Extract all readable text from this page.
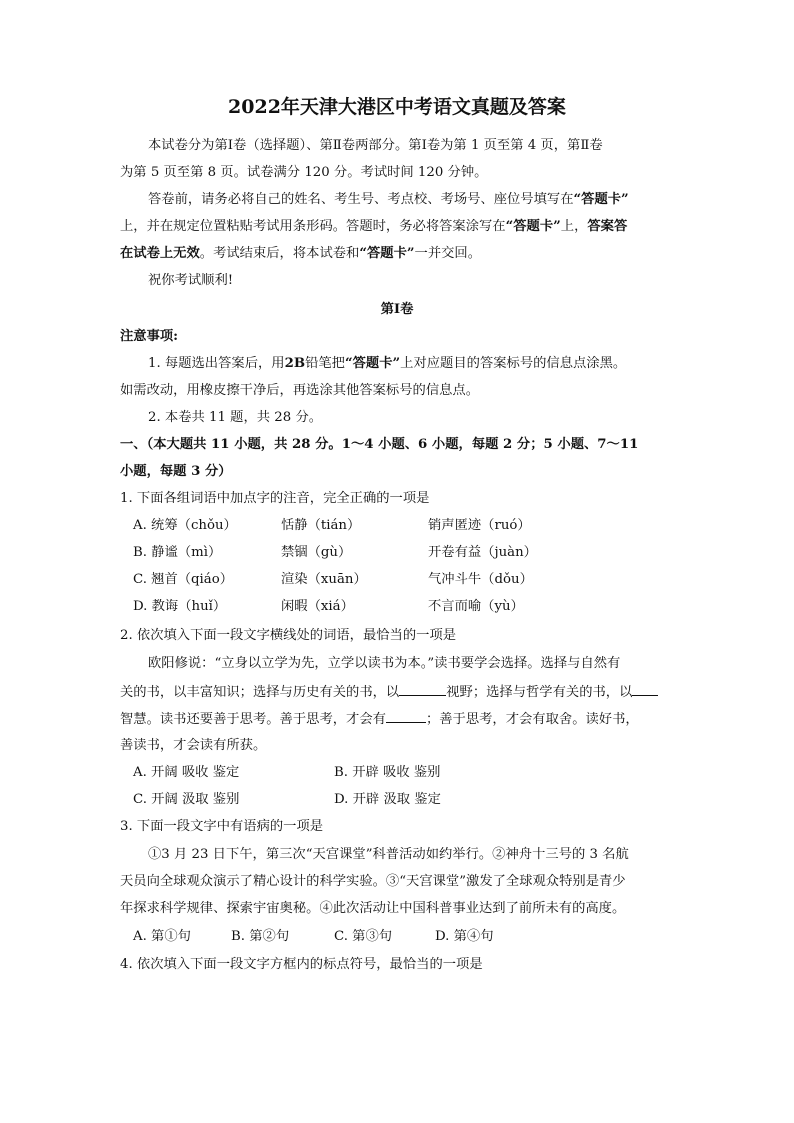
2022年天津大港区中考语文真题及答案
本试卷分为第Ⅰ卷（选择题）、第Ⅱ卷两部分。第Ⅰ卷为第 1 页至第 4 页，第Ⅱ卷
为第 5 页至第 8 页。试卷满分 120 分。考试时间 120 分钟。
答卷前，请务必将自己的姓名、考生号、考点校、考场号、座位号填写在“答题卡”
上，并在规定位置粘贴考试用条形码。答题时，务必将答案涂写在“答题卡”上，答案答
在试卷上无效。考试结束后，将本试卷和“答题卡”一并交回。
祝你考试顺利!
第Ⅰ卷
注意事项:
1. 每题选出答案后，用2B铅笔把“答题卡”上对应题目的答案标号的信息点涂黑。
如需改动，用橡皮擦干净后，再选涂其他答案标号的信息点。
2. 本卷共 11 题，共 28 分。
一、（本大题共 11 小题，共 28 分。1～4 小题、6 小题，每题 2 分；5 小题、7～11
小题，每题 3 分）
1. 下面各组词语中加点字的注音，完全正确的一项是
A. 统筹（chǒu）	恬静（tián）	销声匿迹（ruó）
B. 静谧（mì）	禁锢（gù）	开卷有益（juàn）
C. 翘首（qiáo）	渲染（xuān）	气冲斗牛（dǒu）
D. 教诲（huǐ）	闲暇（xiá）	不言而喻（yù）
2. 依次填入下面一段文字横线处的词语，最恰当的一项是
欧阳修说：“立身以立学为先，立学以读书为本。”读书要学会选择。选择与自然有
关的书，以丰富知识；选择与历史有关的书，以	视野；选择与哲学有关的书，以
智慧。读书还要善于思考。善于思考，才会有	；善于思考，才会有取舍。读好书，
善读书，才会读有所获。
A. 开阔 吸收 鉴定	B. 开辟 吸收 鉴别
C. 开阔 汲取 鉴别	D. 开辟 汲取 鉴定
3. 下面一段文字中有语病的一项是
①3 月 23 日下午，第三次“天宫课堂”科普活动如约举行。②神舟十三号的 3 名航
天员向全球观众演示了精心设计的科学实验。③“天宫课堂”激发了全球观众特别是青少
年探求科学规律、探索宇宙奥秘。④此次活动让中国科普事业达到了前所未有的高度。
A. 第①句	B. 第②句	C. 第③句	D. 第④句
4. 依次填入下面一段文字方框内的标点符号，最恰当的一项是
